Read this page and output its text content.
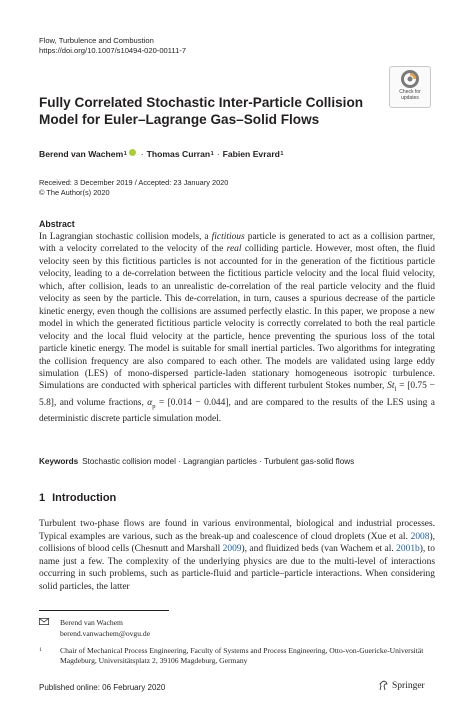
Flow, Turbulence and Combustion
https://doi.org/10.1007/s10494-020-00111-7
Check for
updates
Fully Correlated Stochastic Inter-Particle Collision Model for Euler–Lagrange Gas–Solid Flows
Berend van Wachem 1 · Thomas Curran 1 · Fabien Evrard 1
Received: 3 December 2019 / Accepted: 23 January 2020
© The Author(s) 2020
Abstract

In Lagrangian stochastic collision models, a fictitious particle is generated to act as a collision partner, with a velocity correlated to the velocity of the real colliding particle. However, most often, the fluid velocity seen by this fictitious particles is not accounted for in the generation of the fictitious particle velocity, leading to a de-correlation between the fictitious particle velocity and the local fluid velocity, which, after collision, leads to an unrealistic de-correlation of the real particle velocity and the fluid velocity as seen by the particle. This de-correlation, in turn, causes a spurious decrease of the particle kinetic energy, even though the collisions are assumed perfectly elastic. In this paper, we propose a new model in which the generated fictitious particle velocity is correctly correlated to both the real particle velocity and the local fluid velocity at the particle, hence preventing the spurious loss of the total particle kinetic energy. The model is suitable for small inertial particles. Two algorithms for integrating the collision frequency are also compared to each other. The models are validated using large eddy simulation (LES) of mono-dispersed particle-laden stationary homogeneous isotropic turbulence. Simulations are conducted with spherical particles with different turbulent Stokes number, $St_l = [0.75 - 5.8]$, and volume fractions, $\alpha_p = [0.014 - 0.044]$, and are compared to the results of the LES using a deterministic discrete particle simulation model.

Keywords Stochastic collision model · Lagrangian particles · Turbulent gas-solid flows
1 Introduction

Turbulent two-phase flows are found in various environmental, biological and industrial processes. Typical examples are various, such as the break-up and coalescence of cloud droplets (Xue et al. 2008), collisions of blood cells (Chesnutt and Marshall 2009), and fluidized beds (van Wachem et al. 2001b), to name just a few. The complexity of the underlying physics are due to the multi-level of interactions occurring in such problems, such as particle-fluid and particle–particle interactions. When considering solid particles, the latter

Berend van Wachem
berend.vanwachem@ovgu.de
1 Chair of Mechanical Process Engineering, Faculty of Systems and Process Engineering, Otto-von-Guericke-Universität Magdeburg, Universitätsplatz 2, 39106 Magdeburg, Germany
Published online: 06 February 2020	Springer
